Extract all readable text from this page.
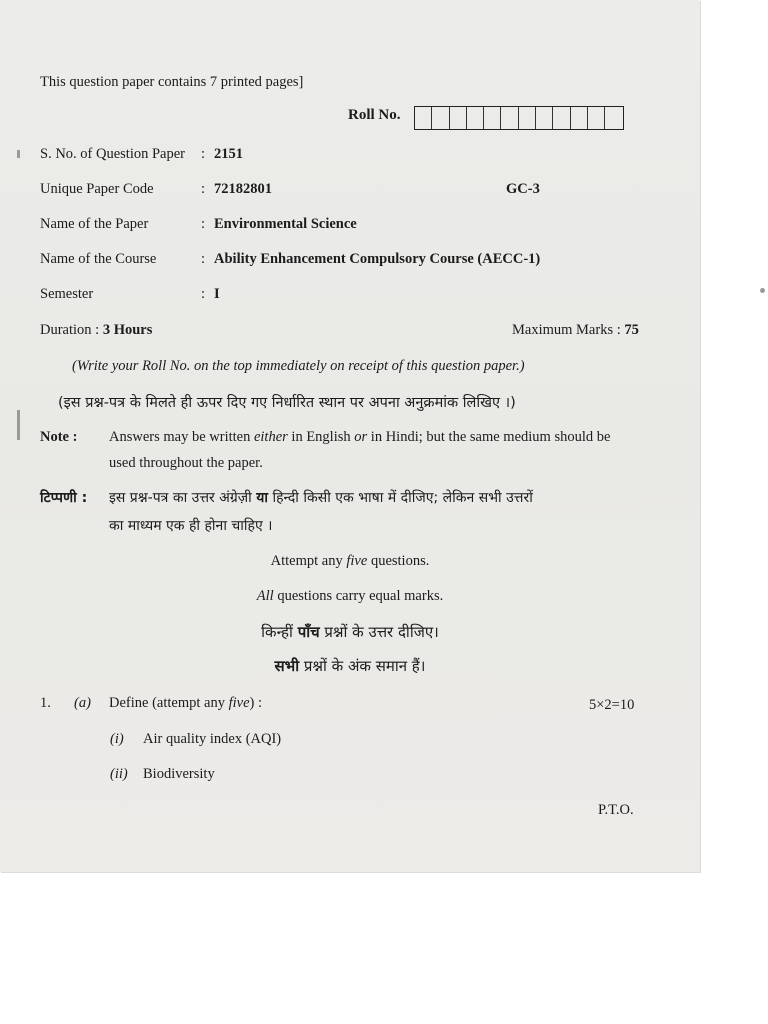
This question paper contains 7 printed pages]
Roll No.
S. No. of Question Paper : 2151
Unique Paper Code	: 72182801	GC-3
Name of the Paper	: Environmental Science
Name of the Course	: Ability Enhancement Compulsory Course (AECC-1)
Semester	: I
Duration : 3 Hours	Maximum Marks : 75
(Write your Roll No. on the top immediately on receipt of this question paper.)
(इस प्रश्न-पत्र के मिलते ही ऊपर दिए गए निर्धारित स्थान पर अपना अनुक्रमांक लिखिए ।)
Note : Answers may be written either in English or in Hindi; but the same medium should be
used throughout the paper.
टिप्पणी : इस प्रश्न-पत्र का उत्तर अंग्रेज़ी या हिन्दी किसी एक भाषा में दीजिए; लेकिन सभी उत्तरों
का माध्यम एक ही होना चाहिए ।
Attempt any five questions.
All questions carry equal marks.
किन्हीं पाँच प्रश्नों के उत्तर दीजिए।
सभी प्रश्नों के अंक समान हैं।
1. (a) Define (attempt any five) :	5×2=10
(i) Air quality index (AQI)
(ii) Biodiversity
P.T.O.
